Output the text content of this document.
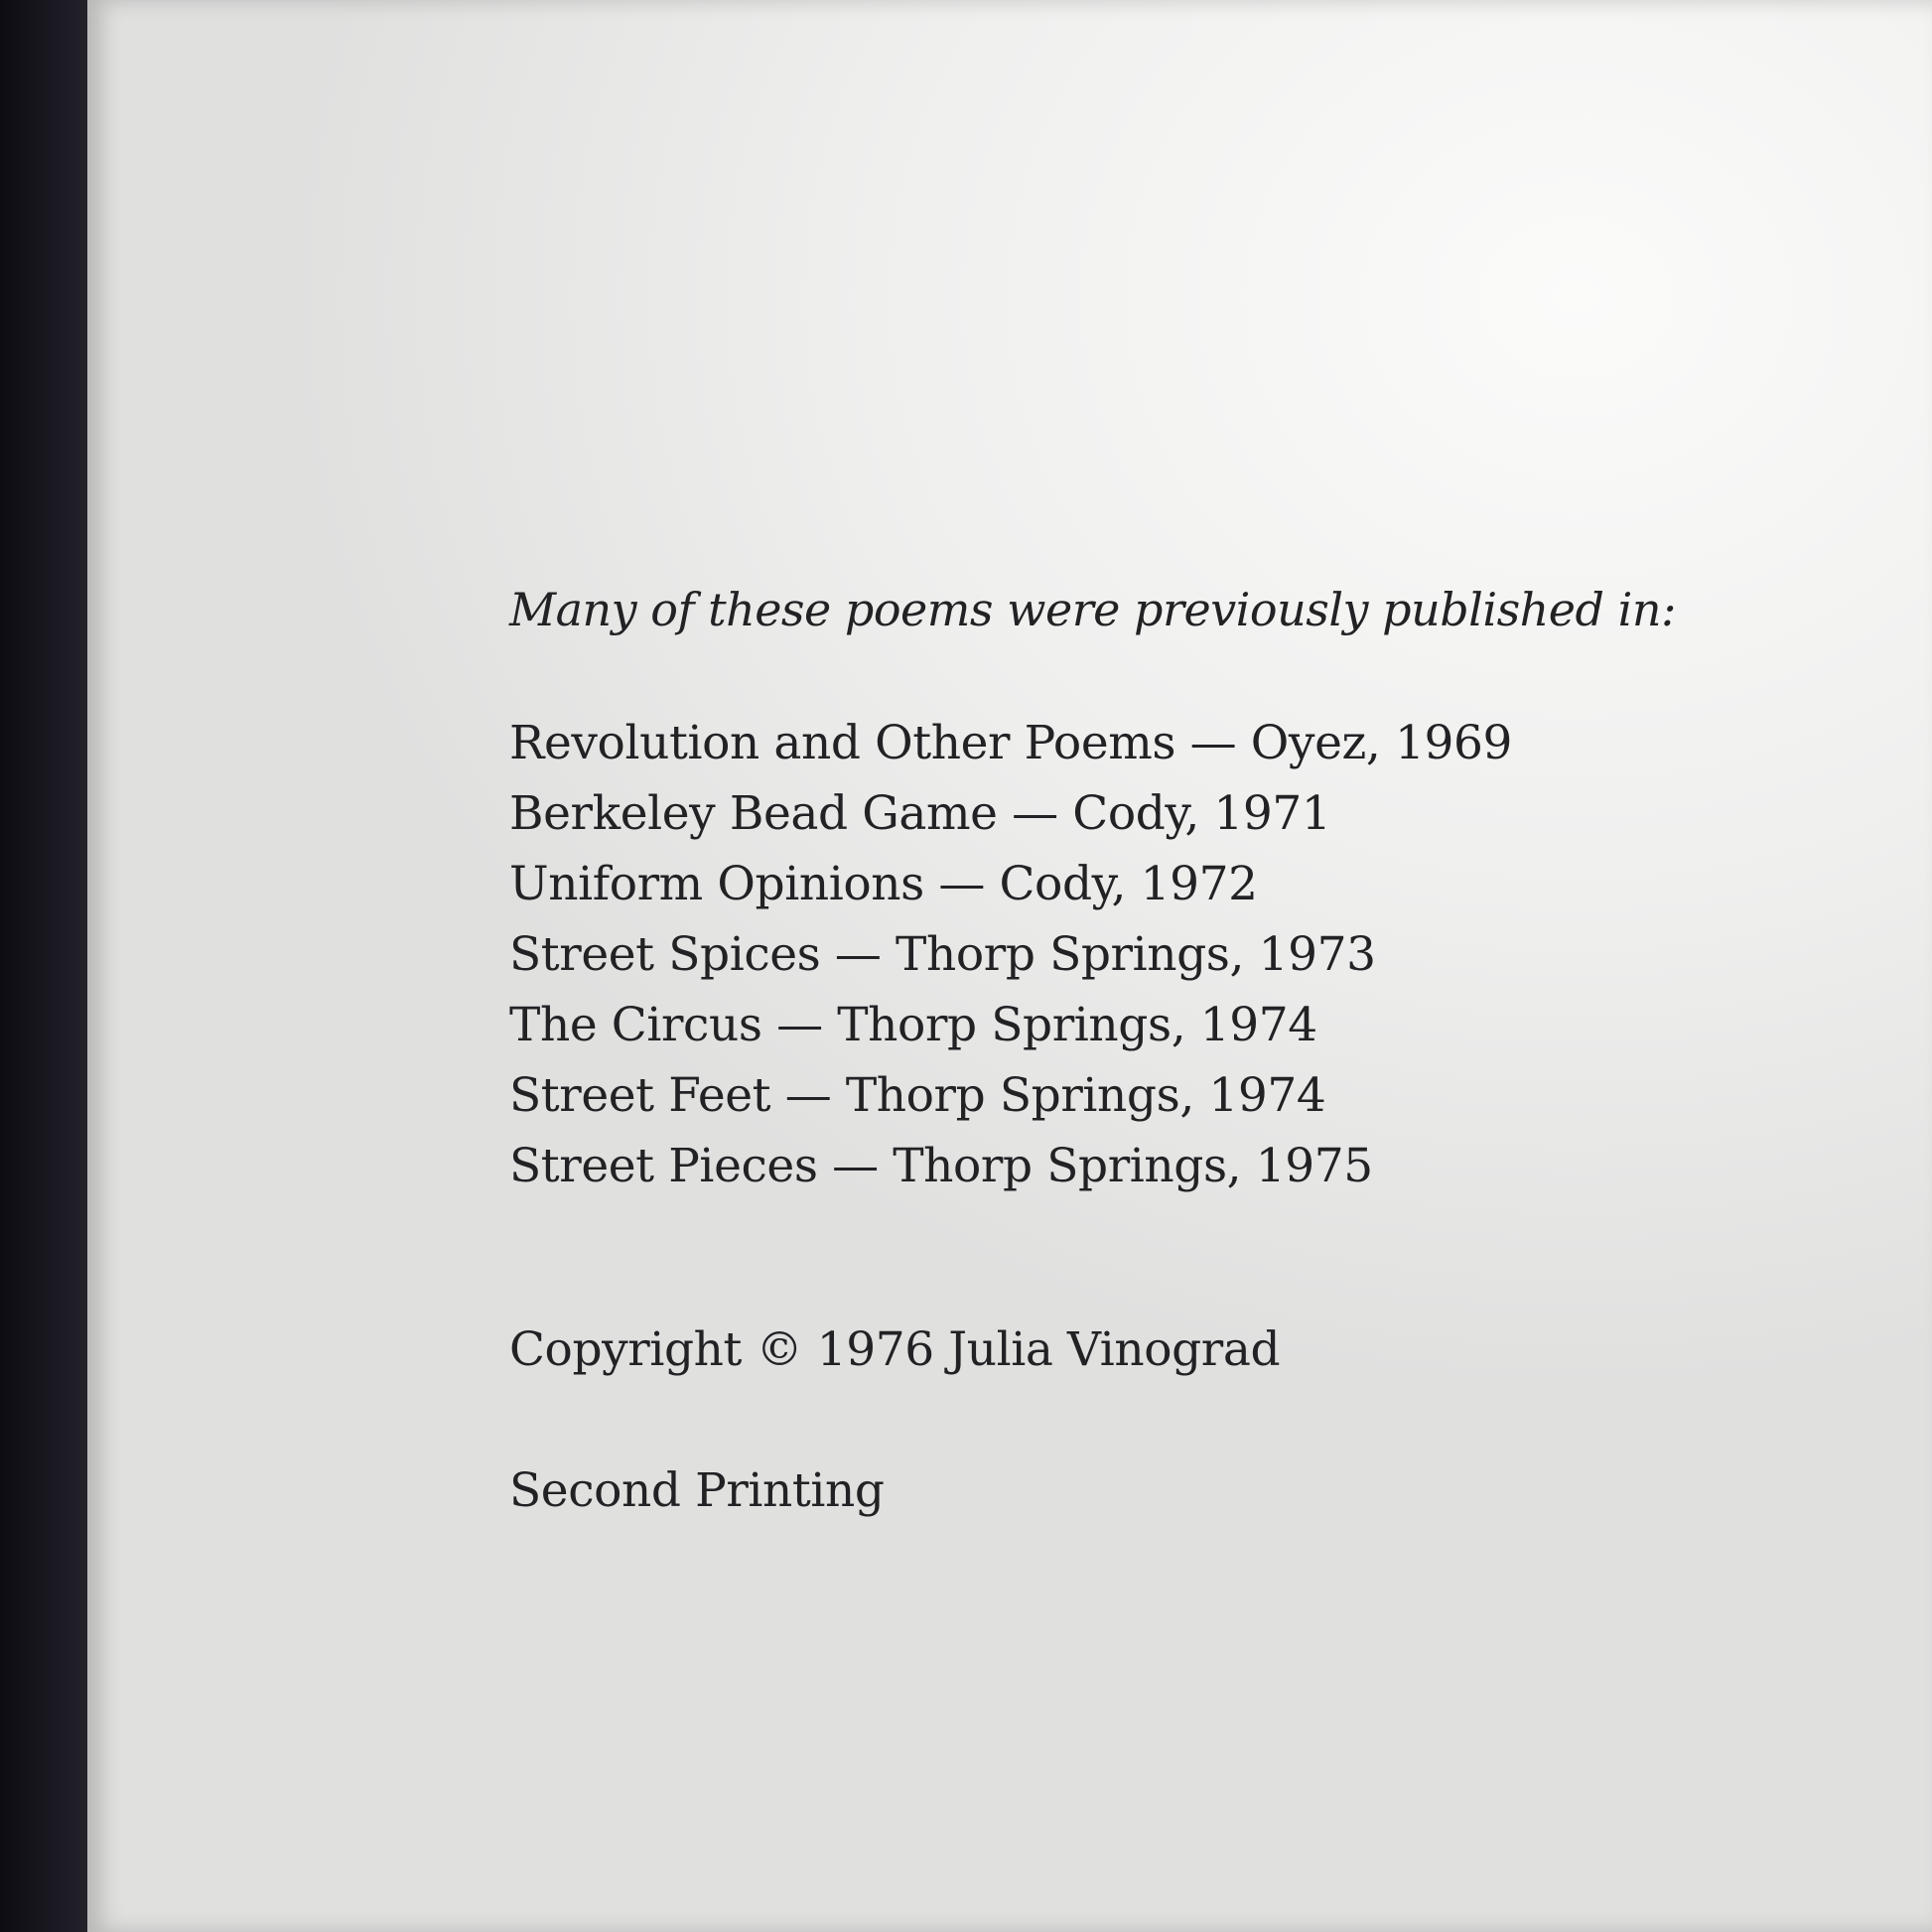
Many of these poems were previously published in:

Revolution and Other Poems — Oyez, 1969
Berkeley Bead Game — Cody, 1971
Uniform Opinions — Cody, 1972
Street Spices — Thorp Springs, 1973
The Circus — Thorp Springs, 1974
Street Feet — Thorp Springs, 1974
Street Pieces — Thorp Springs, 1975

Copyright © 1976 Julia Vinograd

Second Printing
